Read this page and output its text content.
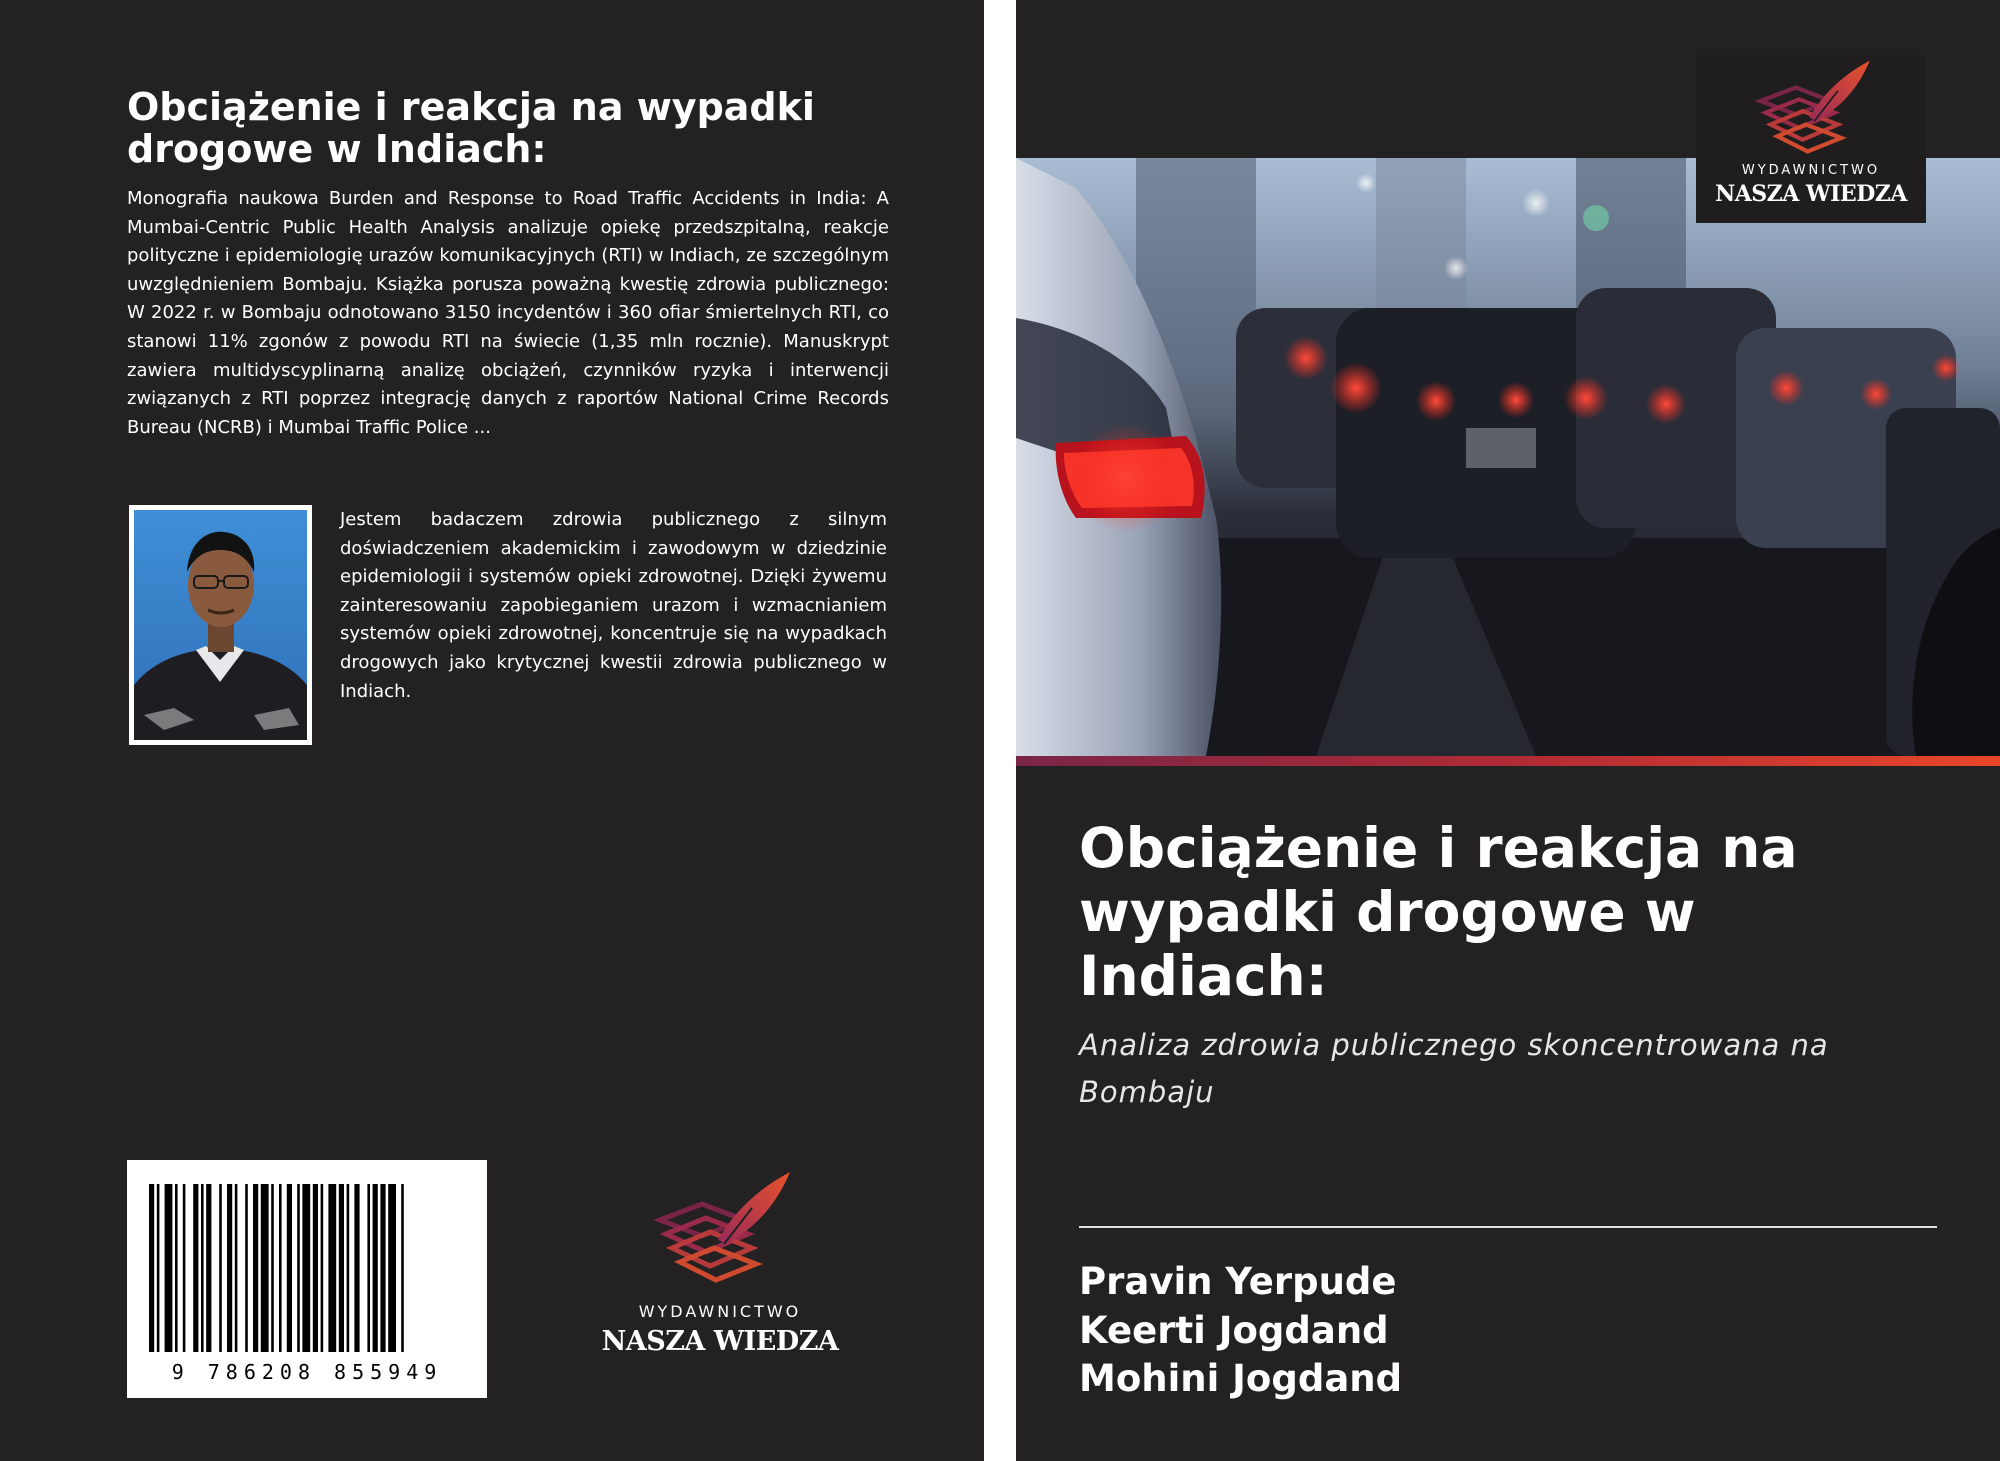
Obciążenie i reakcja na wypadki drogowe w Indiach:

Monografia naukowa Burden and Response to Road Traffic Accidents in India: A Mumbai-Centric Public Health Analysis analizuje opiekę przedszpitalną, reakcje polityczne i epidemiologię urazów komunikacyjnych (RTI) w Indiach, ze szczególnym uwzględnieniem Bombaju. Książka porusza poważną kwestię zdrowia publicznego: W 2022 r. w Bombaju odnotowano 3150 incydentów i 360 ofiar śmiertelnych RTI, co stanowi 11% zgonów z powodu RTI na świecie (1,35 mln rocznie). Manuskrypt zawiera multidyscyplinarną analizę obciążeń, czynników ryzyka i interwencji związanych z RTI poprzez integrację danych z raportów National Crime Records Bureau (NCRB) i Mumbai Traffic Police ...

Jestem badaczem zdrowia publicznego z silnym doświadczeniem akademickim i zawodowym w dziedzinie epidemiologii i systemów opieki zdrowotnej. Dzięki żywemu zainteresowaniu zapobieganiem urazom i wzmacnianiem systemów opieki zdrowotnej, koncentruje się na wypadkach drogowych jako krytycznej kwestii zdrowia publicznego w Indiach.

9 786208 855949
WYDAWNICTWO
NASZA WIEDZA
WYDAWNICTWO
NASZA WIEDZA
Obciążenie i reakcja na wypadki drogowe w Indiach:
Analiza zdrowia publicznego skoncentrowana na Bombaju
Pravin Yerpude
Keerti Jogdand
Mohini Jogdand
